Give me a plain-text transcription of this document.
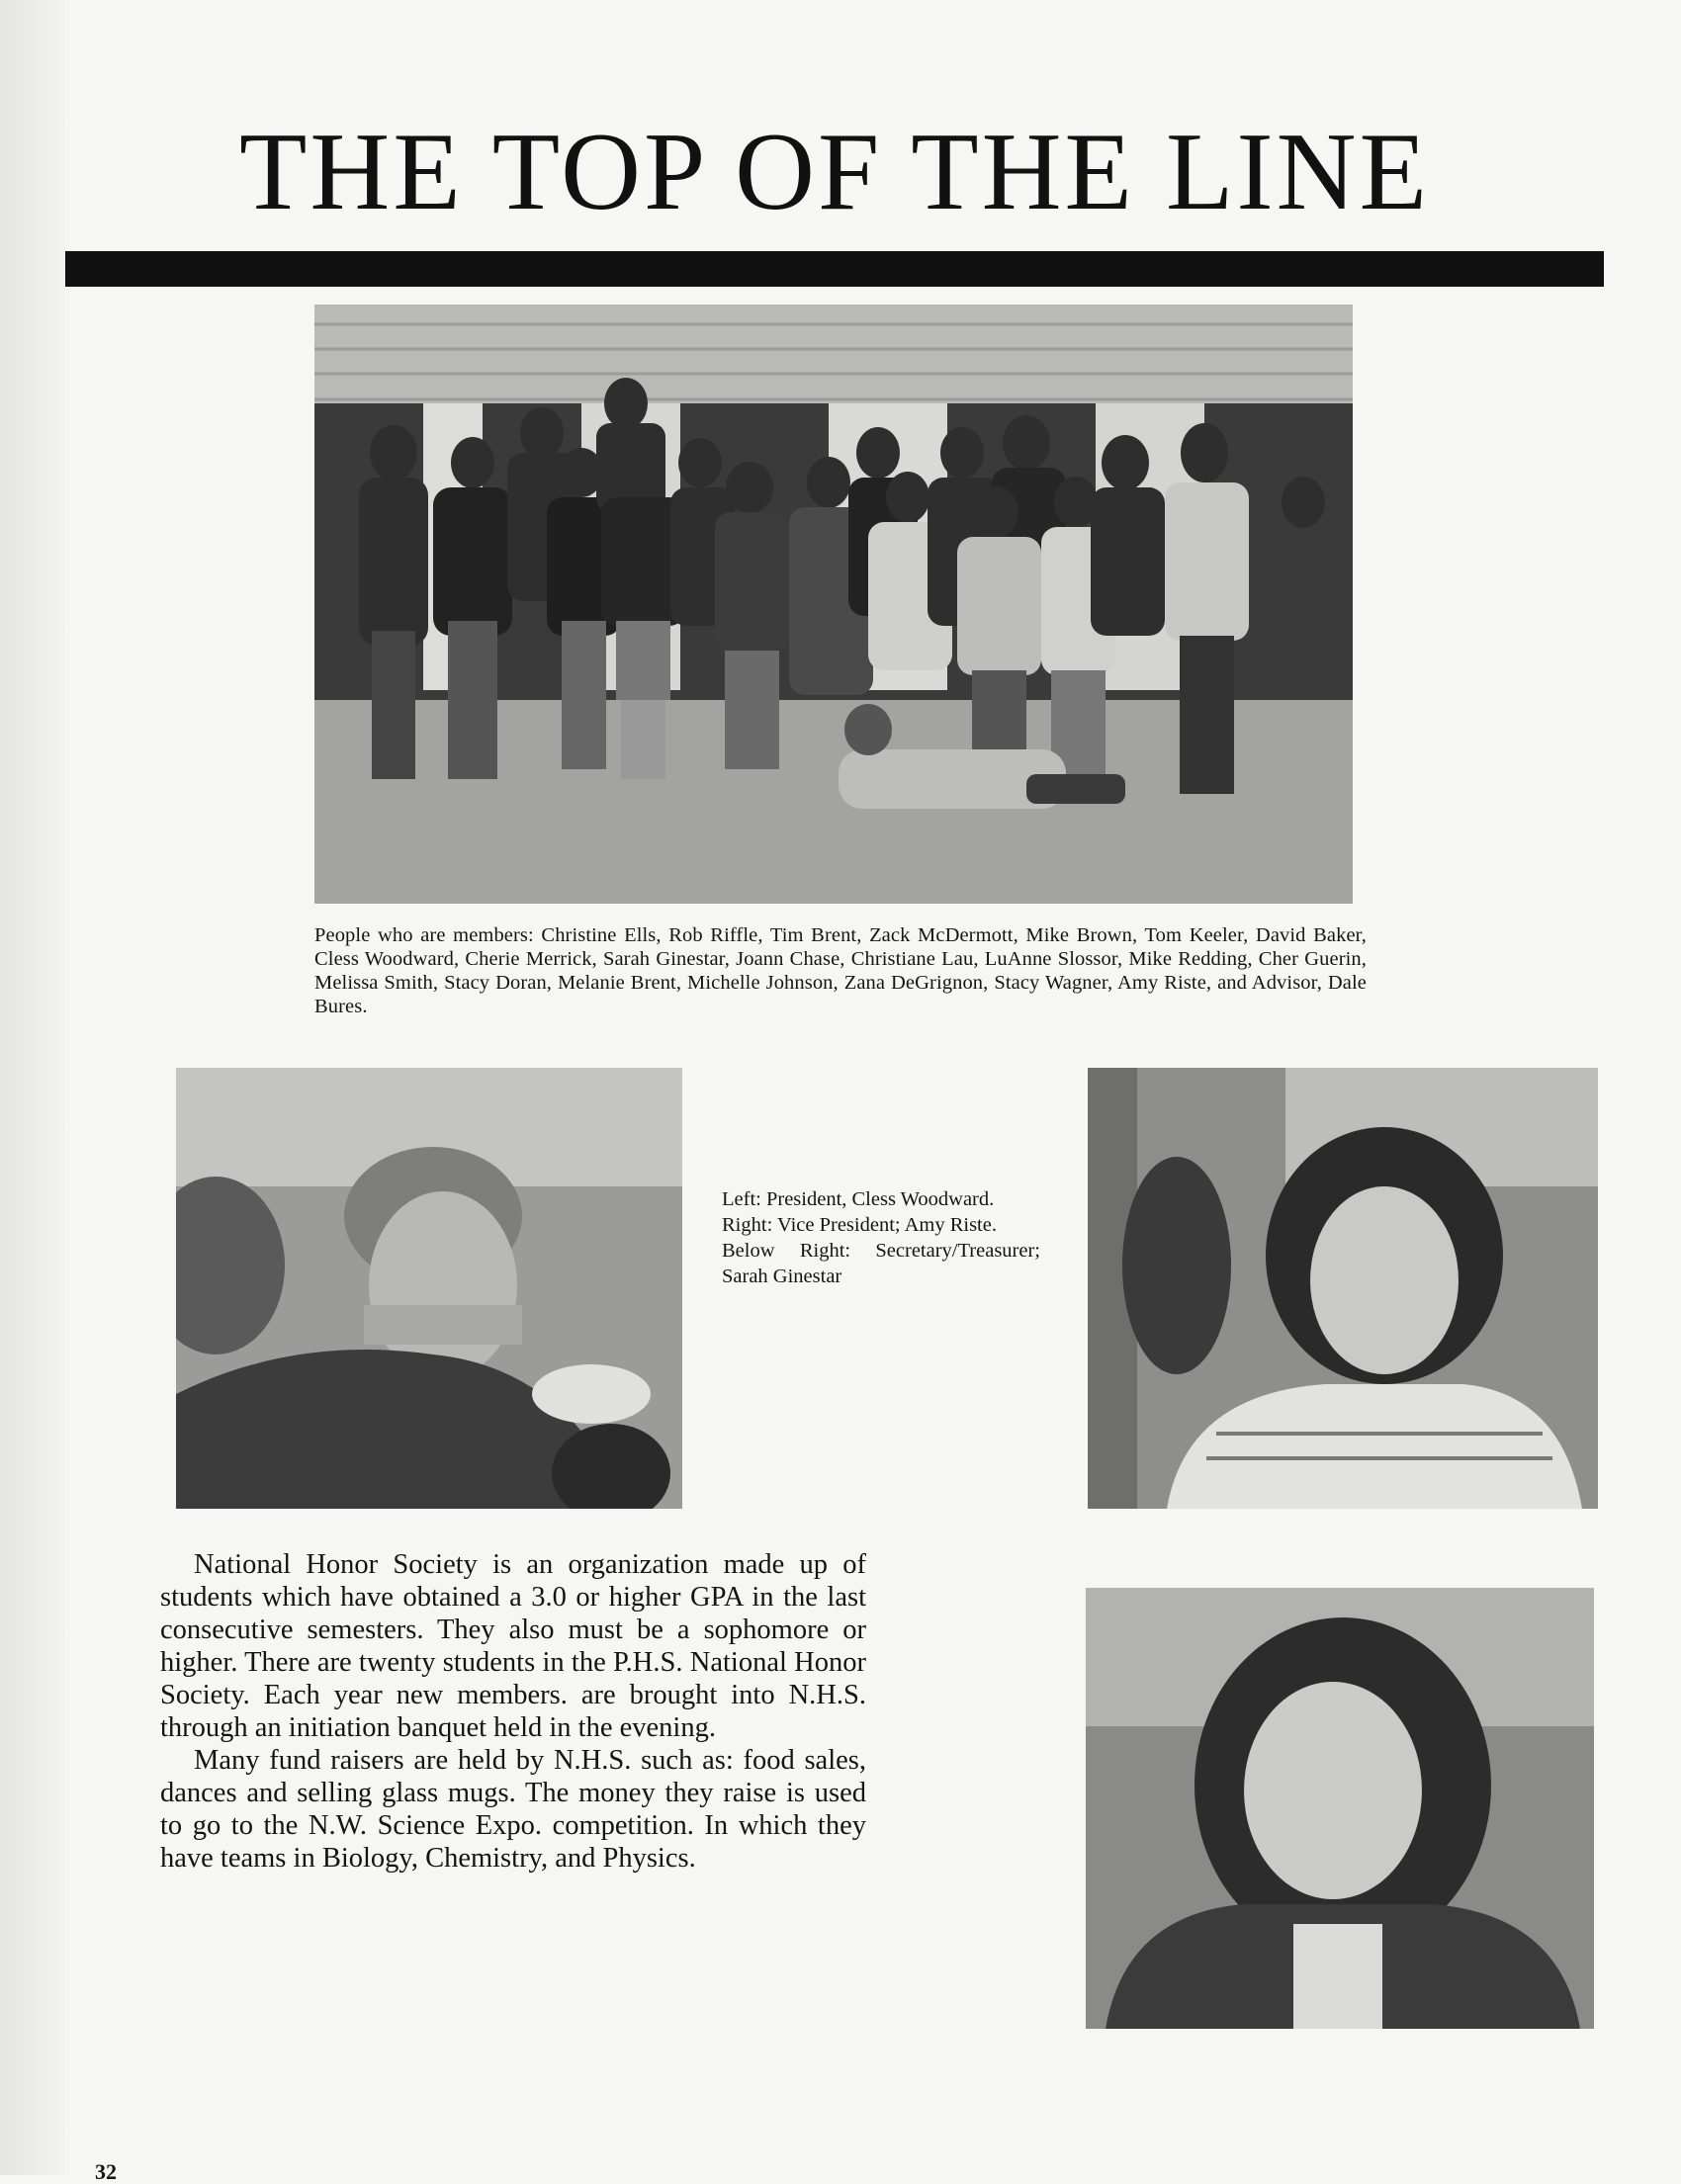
THE TOP OF THE LINE

People who are members: Christine Ells, Rob Riffle, Tim Brent, Zack McDermott, Mike Brown, Tom Keeler, David Baker, Cless Woodward, Cherie Merrick, Sarah Ginestar, Joann Chase, Christiane Lau, LuAnne Slossor, Mike Redding, Cher Guerin, Melissa Smith, Stacy Doran, Melanie Brent, Michelle Johnson, Zana DeGrignon, Stacy Wagner, Amy Riste, and Advisor, Dale Bures.

Left: President, Cless Woodward.

Right: Vice President; Amy Riste.

Below Right: Secretary/Treasurer; Sarah Ginestar

National Honor Society is an organization made up of students which have obtained a 3.0 or higher GPA in the last consecutive semesters. They also must be a sophomore or higher. There are twenty students in the P.H.S. National Honor Society. Each year new members. are brought into N.H.S. through an initiation banquet held in the evening.

Many fund raisers are held by N.H.S. such as: food sales, dances and selling glass mugs. The money they raise is used to go to the N.W. Science Expo. competition. In which they have teams in Biology, Chemistry, and Physics.

32
